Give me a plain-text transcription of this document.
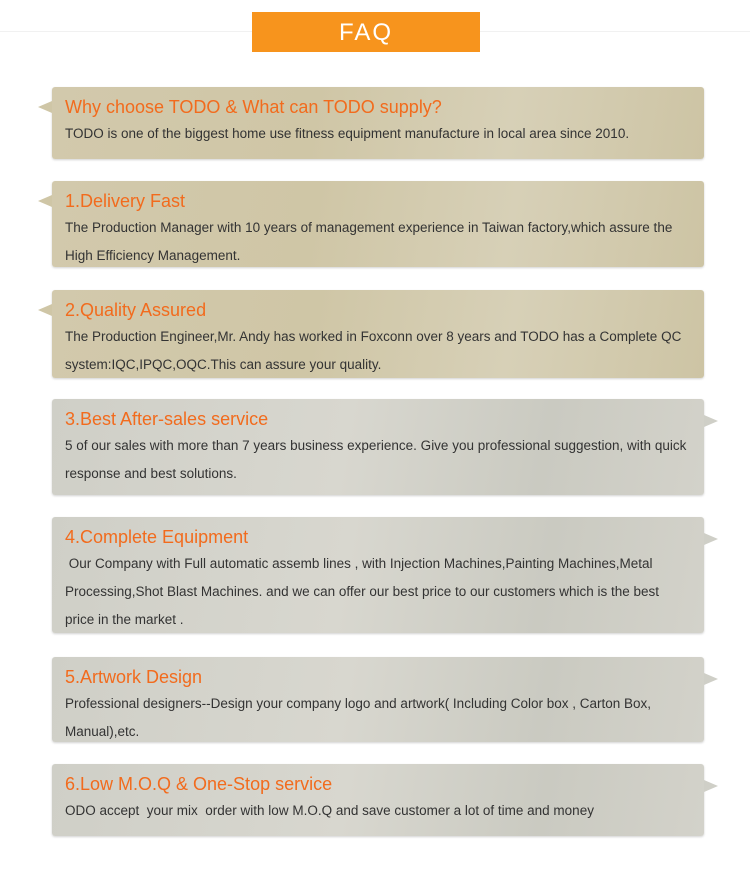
FAQ
Why choose TODO & What can TODO supply?
TODO is one of the biggest home use fitness equipment manufacture in local area since 2010.
1.Delivery Fast
The Production Manager with 10 years of management experience in Taiwan factory,which assure the High Efficiency Management.
2.Quality Assured
The Production Engineer,Mr. Andy has worked in Foxconn over 8 years and TODO has a Complete QC system:IQC,IPQC,OQC.This can assure your quality.
3.Best After-sales service
5 of our sales with more than 7 years business experience. Give you professional suggestion, with quick response and best solutions.
4.Complete Equipment
Our Company with Full automatic assemb lines , with Injection Machines,Painting Machines,Metal Processing,Shot Blast Machines. and we can offer our best price to our customers which is the best price in the market .
5.Artwork Design
Professional designers--Design your company logo and artwork( Including Color box , Carton Box, Manual),etc.
6.Low M.O.Q & One-Stop service
ODO accept  your mix  order with low M.O.Q and save customer a lot of time and money
